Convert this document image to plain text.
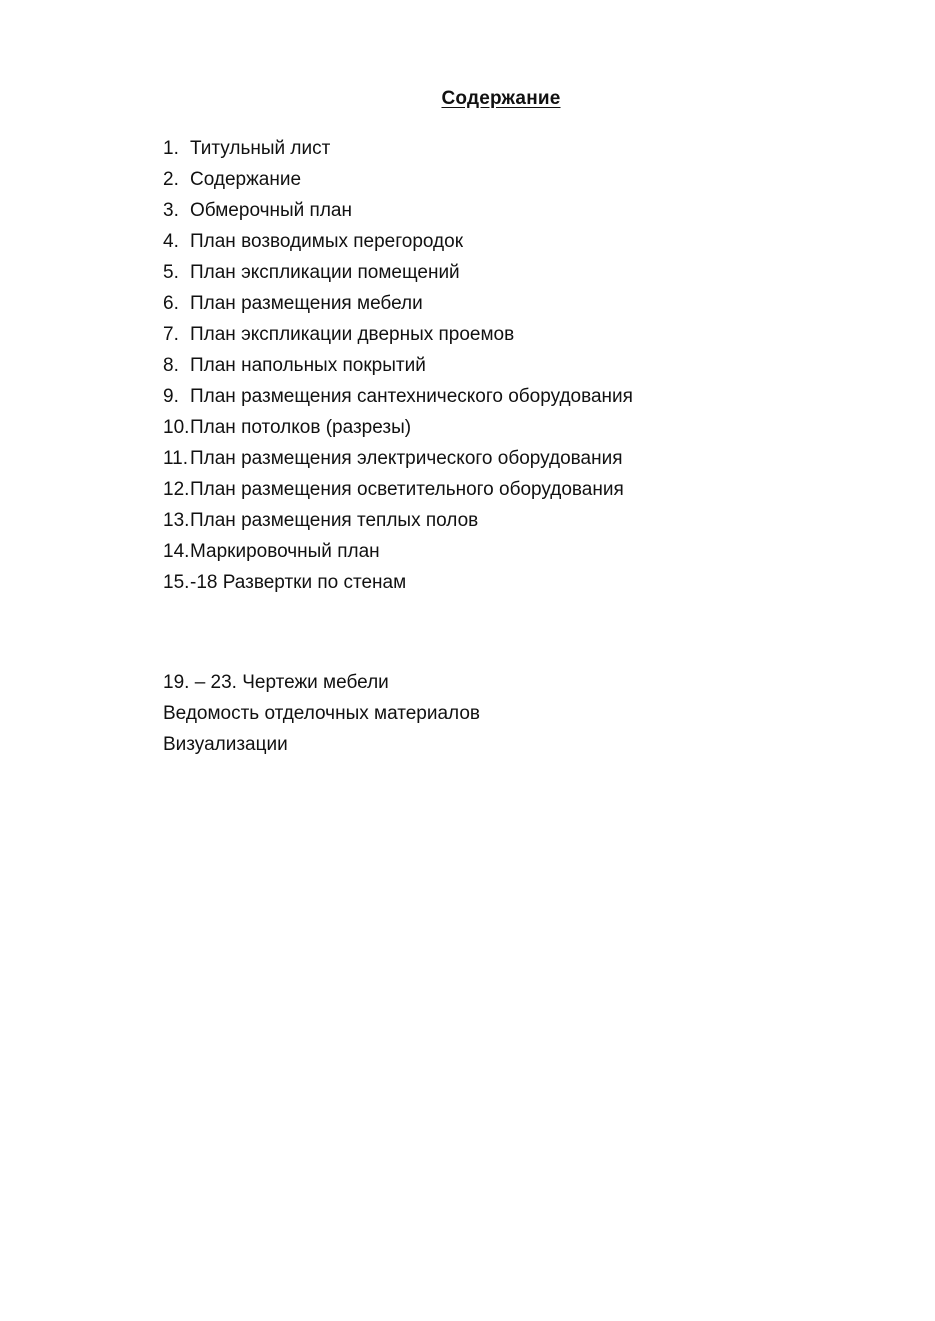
Содержание
1. Титульный лист
2. Содержание
3. Обмерочный план
4. План возводимых перегородок
5. План экспликации помещений
6. План размещения мебели
7. План экспликации дверных проемов
8. План напольных покрытий
9. План размещения сантехнического оборудования
10. План потолков (разрезы)
11. План размещения электрического оборудования
12. План размещения осветительного оборудования
13. План размещения теплых полов
14. Маркировочный план
15. -18 Развертки по стенам
19. – 23. Чертежи мебели
Ведомость отделочных материалов
Визуализации
